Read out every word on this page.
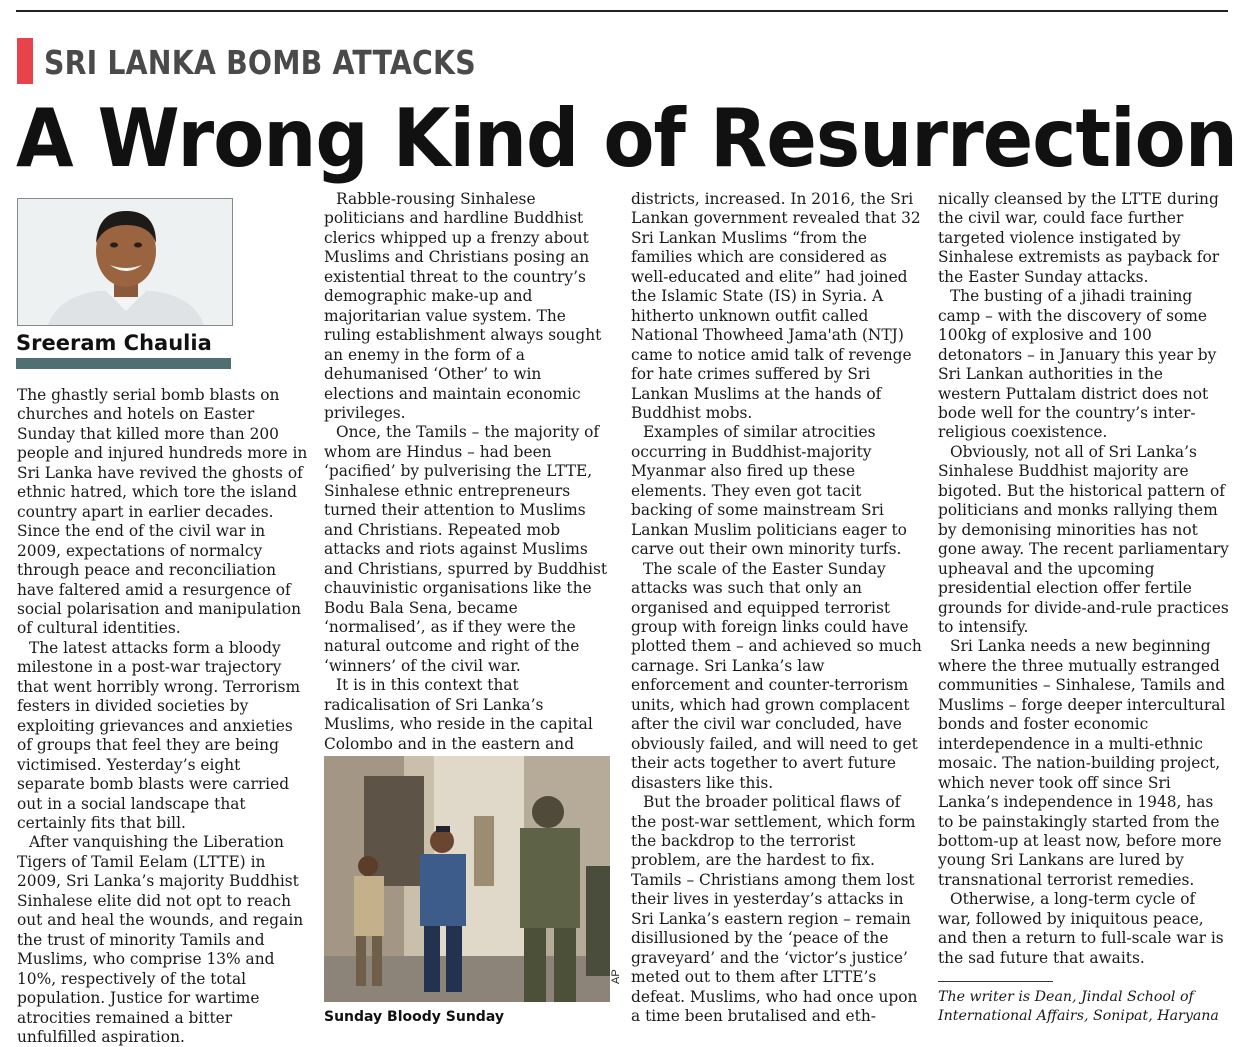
SRI LANKA BOMB ATTACKS
A Wrong Kind of Resurrection
Sreeram Chaulia

The ghastly serial bomb blasts on churches and hotels on Easter Sunday that killed more than 200 people and injured hundreds more in Sri Lanka have revived the ghosts of ethnic hatred, which tore the island country apart in earlier decades. Since the end of the civil war in 2009, expectations of normalcy through peace and reconciliation have faltered amid a resurgence of social polarisation and manipulation of cultural identities.

The latest attacks form a bloody milestone in a post-war trajectory that went horribly wrong. Terrorism festers in divided societies by exploiting grievances and anxieties of groups that feel they are being victimised. Yesterday’s eight separate bomb blasts were carried out in a social landscape that certainly fits that bill.

After vanquishing the Liberation Tigers of Tamil Eelam (LTTE) in 2009, Sri Lanka’s majority Buddhist Sinhalese elite did not opt to reach out and heal the wounds, and regain the trust of minority Tamils and Muslims, who comprise 13% and 10%, respectively of the total population. Justice for wartime atrocities remained a bitter unfulfilled aspiration.

Rabble-rousing Sinhalese politicians and hardline Buddhist clerics whipped up a frenzy about Muslims and Christians posing an existential threat to the country’s demographic make-up and majoritarian value system. The ruling establishment always sought an enemy in the form of a dehumanised ‘Other’ to win elections and maintain economic privileges.

Once, the Tamils – the majority of whom are Hindus – had been ‘pacified’ by pulverising the LTTE, Sinhalese ethnic entrepreneurs turned their attention to Muslims and Christians. Repeated mob attacks and riots against Muslims and Christians, spurred by Buddhist chauvinistic organisations like the Bodu Bala Sena, became ‘normalised’, as if they were the natural outcome and right of the ‘winners’ of the civil war.

It is in this context that radicalisation of Sri Lanka’s Muslims, who reside in the capital Colombo and in the eastern and

AP
Sunday Bloody Sunday

districts, increased. In 2016, the Sri Lankan government revealed that 32 Sri Lankan Muslims “from the families which are considered as well-educated and elite” had joined the Islamic State (IS) in Syria. A hitherto unknown outfit called National Thowheed Jama'ath (NTJ) came to notice amid talk of revenge for hate crimes suffered by Sri Lankan Muslims at the hands of Buddhist mobs.

Examples of similar atrocities occurring in Buddhist-majority Myanmar also fired up these elements. They even got tacit backing of some mainstream Sri Lankan Muslim politicians eager to carve out their own minority turfs.

The scale of the Easter Sunday attacks was such that only an organised and equipped terrorist group with foreign links could have plotted them – and achieved so much carnage. Sri Lanka’s law enforcement and counter-terrorism units, which had grown complacent after the civil war concluded, have obviously failed, and will need to get their acts together to avert future disasters like this.

But the broader political flaws of the post-war settlement, which form the backdrop to the terrorist problem, are the hardest to fix. Tamils – Christians among them lost their lives in yesterday’s attacks in Sri Lanka’s eastern region – remain disillusioned by the ‘peace of the graveyard’ and the ‘victor’s justice’ meted out to them after LTTE’s defeat. Muslims, who had once upon a time been brutalised and eth-

nically cleansed by the LTTE during the civil war, could face further targeted violence instigated by Sinhalese extremists as payback for the Easter Sunday attacks.

The busting of a jihadi training camp – with the discovery of some 100kg of explosive and 100 detonators – in January this year by Sri Lankan authorities in the western Puttalam district does not bode well for the country’s inter-religious coexistence.

Obviously, not all of Sri Lanka’s Sinhalese Buddhist majority are bigoted. But the historical pattern of politicians and monks rallying them by demonising minorities has not gone away. The recent parliamentary upheaval and the upcoming presidential election offer fertile grounds for divide-and-rule practices to intensify.

Sri Lanka needs a new beginning where the three mutually estranged communities – Sinhalese, Tamils and Muslims – forge deeper intercultural bonds and foster economic interdependence in a multi-ethnic mosaic. The nation-building project, which never took off since Sri Lanka’s independence in 1948, has to be painstakingly started from the bottom-up at least now, before more young Sri Lankans are lured by transnational terrorist remedies.

Otherwise, a long-term cycle of war, followed by iniquitous peace, and then a return to full-scale war is the sad future that awaits.

The writer is Dean, Jindal School of International Affairs, Sonipat, Haryana
